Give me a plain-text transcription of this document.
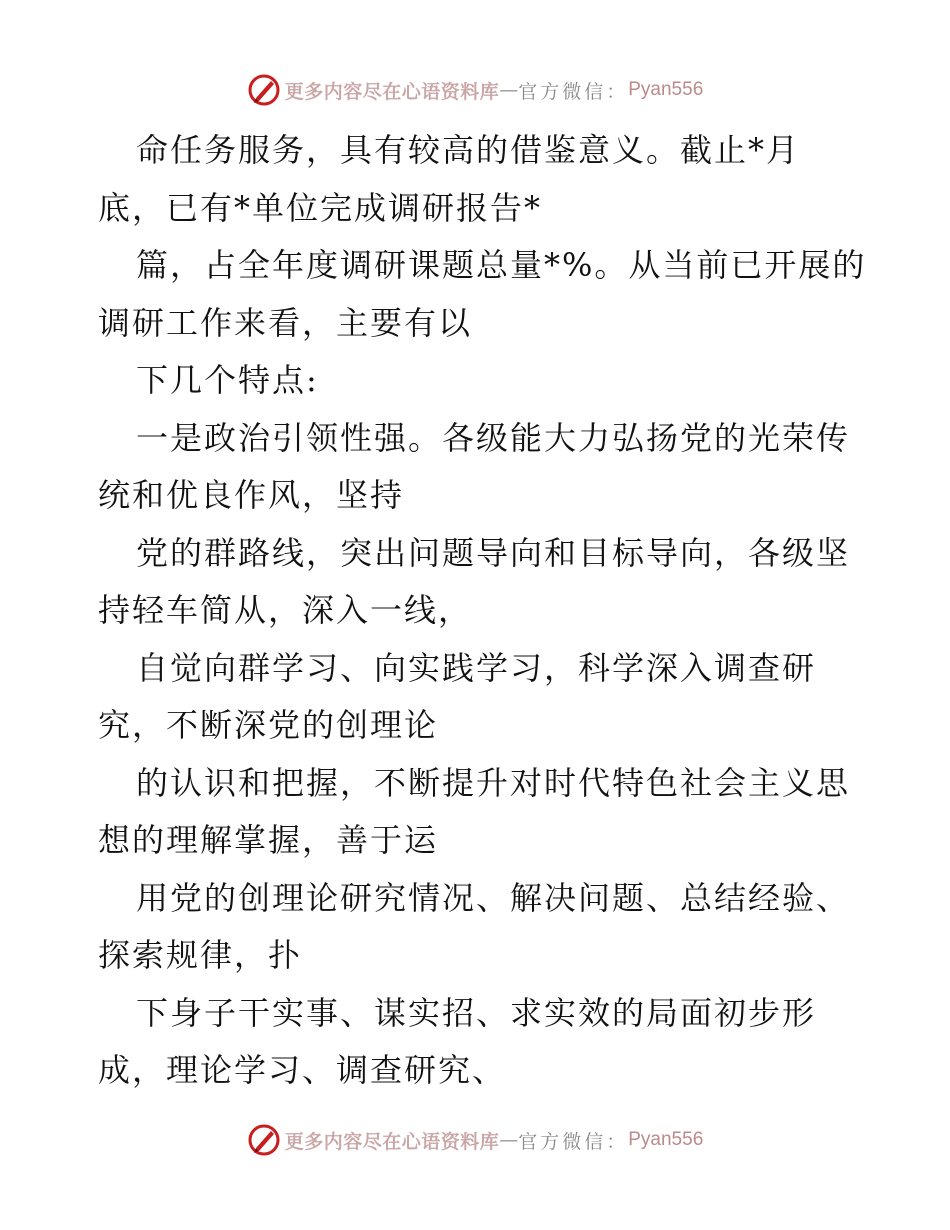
更多内容尽在心语资料库 — 官方微信： Pyan556
命任务服务，具有较高的借鉴意义。截止*月
底，已有*单位完成调研报告*
篇，占全年度调研课题总量*%。从当前已开展的
调研工作来看，主要有以
下几个特点:
一是政治引领性强。各级能大力弘扬党的光荣传
统和优良作风，坚持
党的群路线，突出问题导向和目标导向，各级坚
持轻车简从，深入一线，
自觉向群学习、向实践学习，科学深入调查研
究，不断深党的创理论
的认识和把握，不断提升对时代特色社会主义思
想的理解掌握，善于运
用党的创理论研究情况、解决问题、总结经验、
探索规律，扑
下身子干实事、谋实招、求实效的局面初步形
成，理论学习、调查研究、
更多内容尽在心语资料库 — 官方微信： Pyan556
